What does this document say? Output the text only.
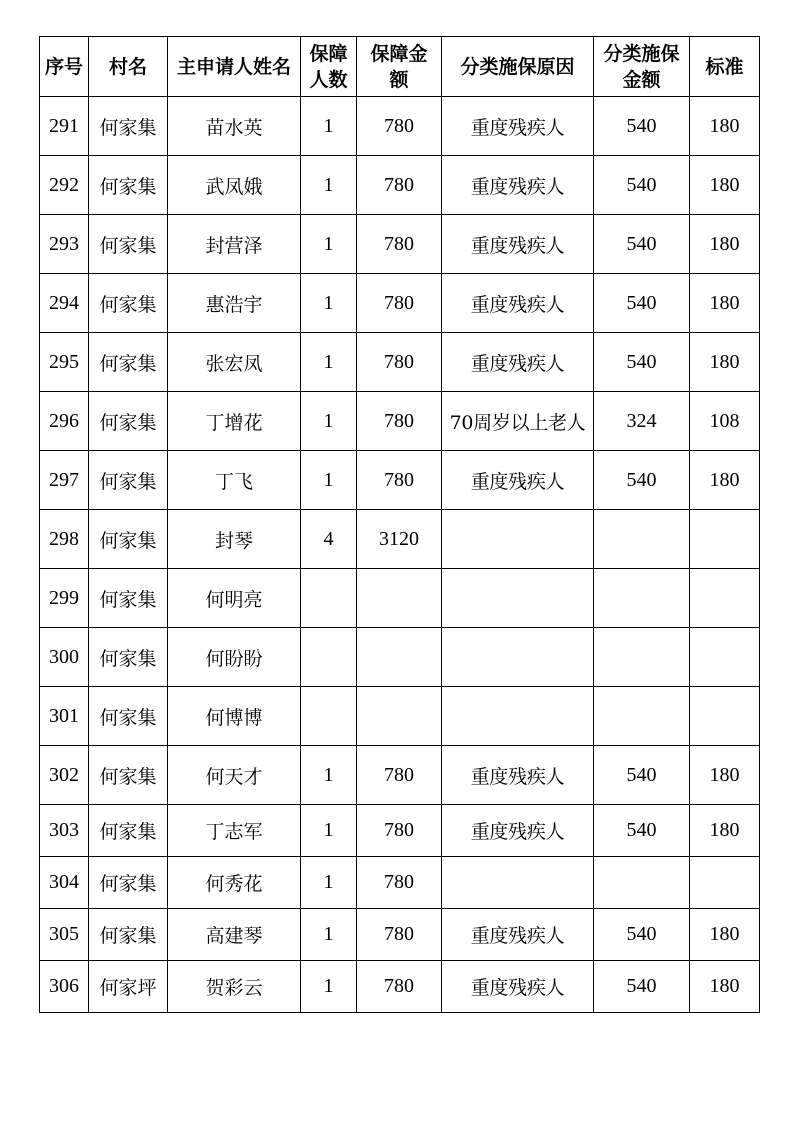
序号	村名	主申请人姓名	保障人数	保障金额	分类施保原因	分类施保金额	标准
291	何家集	苗水英	1	780	重度残疾人	540	180
292	何家集	武凤娥	1	780	重度残疾人	540	180
293	何家集	封营泽	1	780	重度残疾人	540	180
294	何家集	惠浩宇	1	780	重度残疾人	540	180
295	何家集	张宏凤	1	780	重度残疾人	540	180
296	何家集	丁增花	1	780	70周岁以上老人	324	108
297	何家集	丁飞	1	780	重度残疾人	540	180
298	何家集	封琴	4	3120			
299	何家集	何明亮					
300	何家集	何盼盼					
301	何家集	何博博					
302	何家集	何天才	1	780	重度残疾人	540	180
303	何家集	丁志军	1	780	重度残疾人	540	180
304	何家集	何秀花	1	780			
305	何家集	高建琴	1	780	重度残疾人	540	180
306	何家坪	贺彩云	1	780	重度残疾人	540	180
